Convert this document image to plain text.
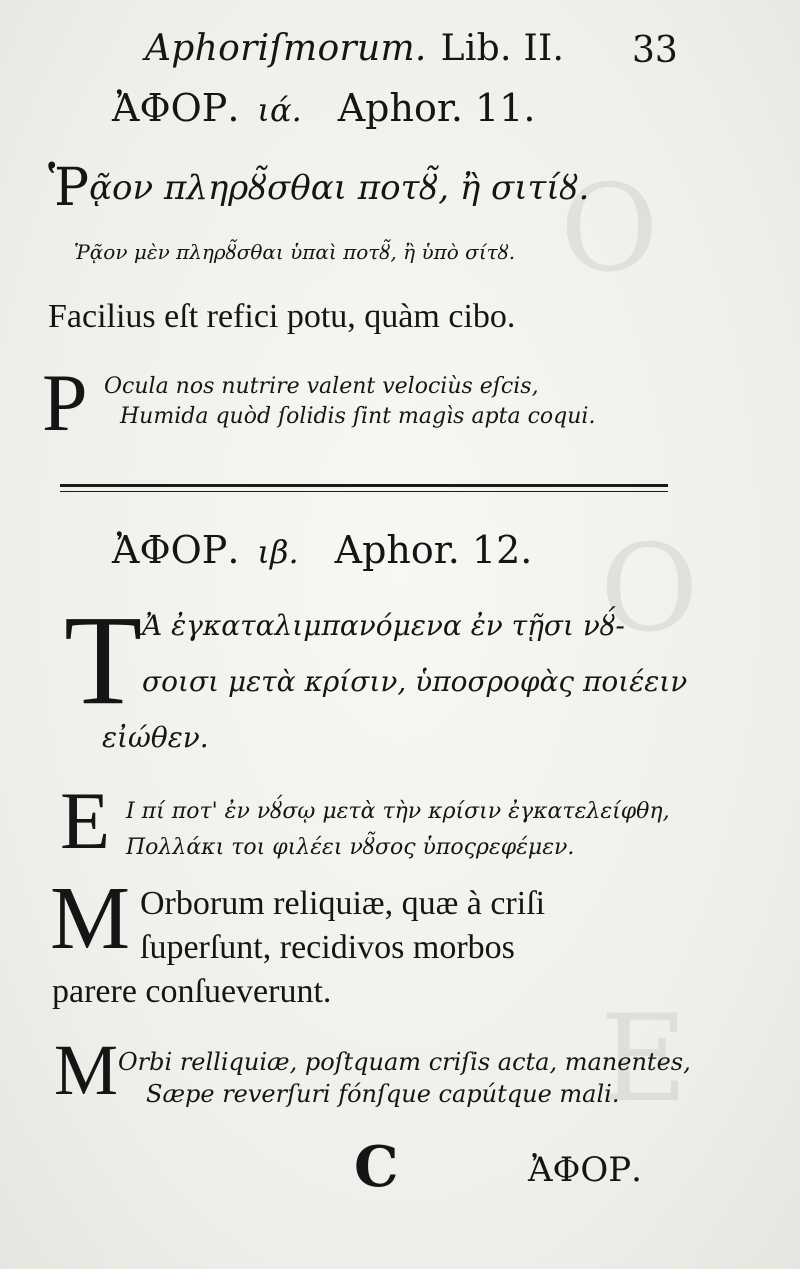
O
O
E
Aphoriſmorum. Lib. II. 33
ἈΦΟΡ. ιά. Aphor. 11.
Ῥᾷον πληρȣ̃σθαι ποτȣ̃, ἢ σιτίȣ.
Ῥᾷον μὲν πληρȣ̃σθαι ὑπαὶ ποτȣ̃, ἢ ὑπὸ σίτȣ.
Facilius eſt refici potu, quàm cibo.
P Ocula nos nutrire valent velociùs eſcis,
Humida quòd ſolidis ſint magìs apta coqui.
ἈΦΟΡ. ιβ. Aphor. 12.
T Ἀ ἐγκαταλιμπανόμενα ἐν τῇσι νȣ́-
σοισι μετὰ κρίσιν, ὑποσροφὰς ποιέειν
εἰώθεν.
E Ι πί ποτ' ἐν νȣ́σῳ μετὰ τὴν κρίσιν ἐγκατελείφθη,
Πολλάκι τοι φιλέει νȣ̃σος ὑποςρεφέμεν.
M Orborum reliquiæ, quæ à criſi
ſuperſunt, recidivos morbos
parere conſueverunt.
M Orbi relliquiæ, poſtquam criſis acta, manentes,
Sæpe reverſuri fónſque capútque mali.
C	ἈΦΟΡ.
